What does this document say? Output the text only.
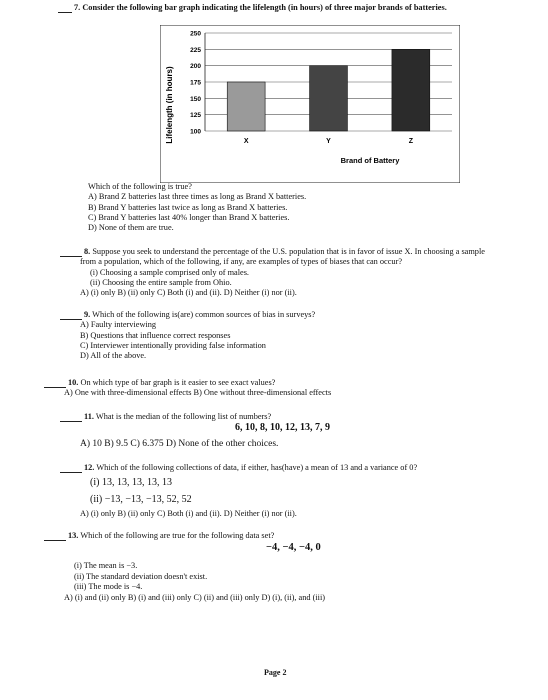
7. Consider the following bar graph indicating the lifelength (in hours) of three major brands of batteries.
250
225
200
175
150
125
100
X	Y	Z
Lifelength (in hours)
Brand of Battery
Which of the following is true?
A) Brand Z batteries last three times as long as Brand X batteries.
B) Brand Y batteries last twice as long as Brand X batteries.
C) Brand Y batteries last 40% longer than Brand X batteries.
D) None of them are true.
8. Suppose you seek to understand the percentage of the U.S. population that is in favor of issue X. In choosing a sample
from a population, which of the following, if any, are examples of types of biases that can occur?
(i) Choosing a sample comprised only of males.
(ii) Choosing the entire sample from Ohio.
A) (i) only B) (ii) only C) Both (i) and (ii). D) Neither (i) nor (ii).
9. Which of the following is(are) common sources of bias in surveys?
A) Faulty interviewing
B) Questions that influence correct responses
C) Interviewer intentionally providing false information
D) All of the above.
10. On which type of bar graph is it easier to see exact values?
A) One with three-dimensional effects B) One without three-dimensional effects
11. What is the median of the following list of numbers?
6, 10, 8, 10, 12, 13, 7, 9
A) 10 B) 9.5 C) 6.375 D) None of the other choices.
12. Which of the following collections of data, if either, has(have) a mean of 13 and a variance of 0?
(i) 13, 13, 13, 13, 13
(ii) −13, −13, −13, 52, 52
A) (i) only B) (ii) only C) Both (i) and (ii). D) Neither (i) nor (ii).
13. Which of the following are true for the following data set?
−4, −4, −4, 0
(i) The mean is −3.
(ii) The standard deviation doesn't exist.
(iii) The mode is −4.
A) (i) and (ii) only B) (i) and (iii) only C) (ii) and (iii) only D) (i), (ii), and (iii)
Page 2
